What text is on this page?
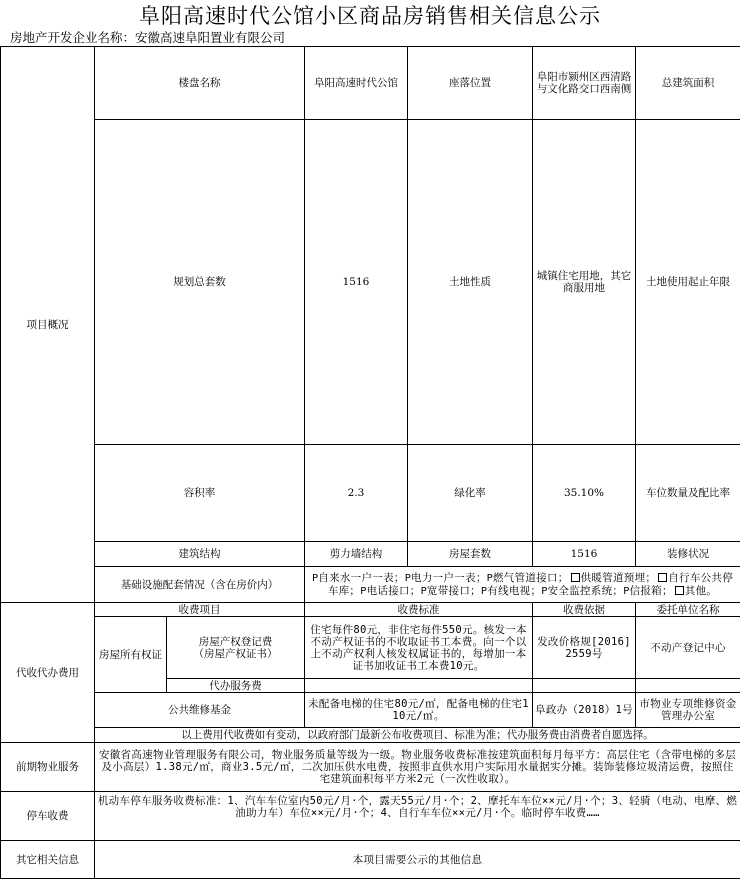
阜阳高速时代公馆小区商品房销售相关信息公示
房地产开发企业名称：安徽高速阜阳置业有限公司
项目概况	楼盘名称		阜阳高速时代公馆	座落位置	阜阳市颍州区西清路与文化路交口西南侧	总建筑面积	
	规划总套数		1516	土地性质	城镇住宅用地，其它商服用地	土地使用起止年限	

	容积率		2.3	绿化率	35.10%	车位数量及配比率	
	建筑结构		剪力墙结构	房屋套数	1516	装修状况	
	基础设施配套情况（含在房价内）		P自来水一户一表；P电力一户一表；P燃气管道接口； 供暖管道预埋； 自行车公共停车库；P电话接口；P宽带接口；P有线电视；P安全监控系统；P信报箱； 其他。				

代收代办费用	收费项目		收费标准		收费依据	委托单位名称	
	房屋所有权证	房屋产权登记费
（房屋产权证书）	住宅每件80元，非住宅每件550元。核发一本不动产权证书的不收取证书工本费。向一个以上不动产权利人核发权属证书的，每增加一本证书加收证书工本费10元。		发改价格规[2016]2559号	不动产登记中心	
		代办服务费					
	公共维修基金		未配备电梯的住宅80元/㎡，配备电梯的住宅110元/㎡。		阜政办（2018）1号	市物业专项维修资金管理办公室	
	以上费用代收费如有变动，以政府部门最新公布收费项目、标准为准；代办服务费由消费者自愿选择。						

前期物业服务	安徽省高速物业管理服务有限公司，物业服务质量等级为一级。物业服务收费标准按建筑面积每月每平方：高层住宅（含带电梯的多层及小高层）1.38元/㎡，商业3.5元/㎡，二次加压供水电费，按照非直供水用户实际用水量据实分摊。装饰装修垃圾清运费，按照住宅建筑面积每平方米2元（一次性收取）。						
停车收费	机动车停车服务收费标准：1、汽车车位室内50元/月·个，露天55元/月·个；2、摩托车车位××元/月·个；3、轻骑（电动、电摩、燃油助力车）车位××元/月·个；4、自行车车位××元/月·个。临时停车收费……						
其它相关信息	本项目需要公示的其他信息						
